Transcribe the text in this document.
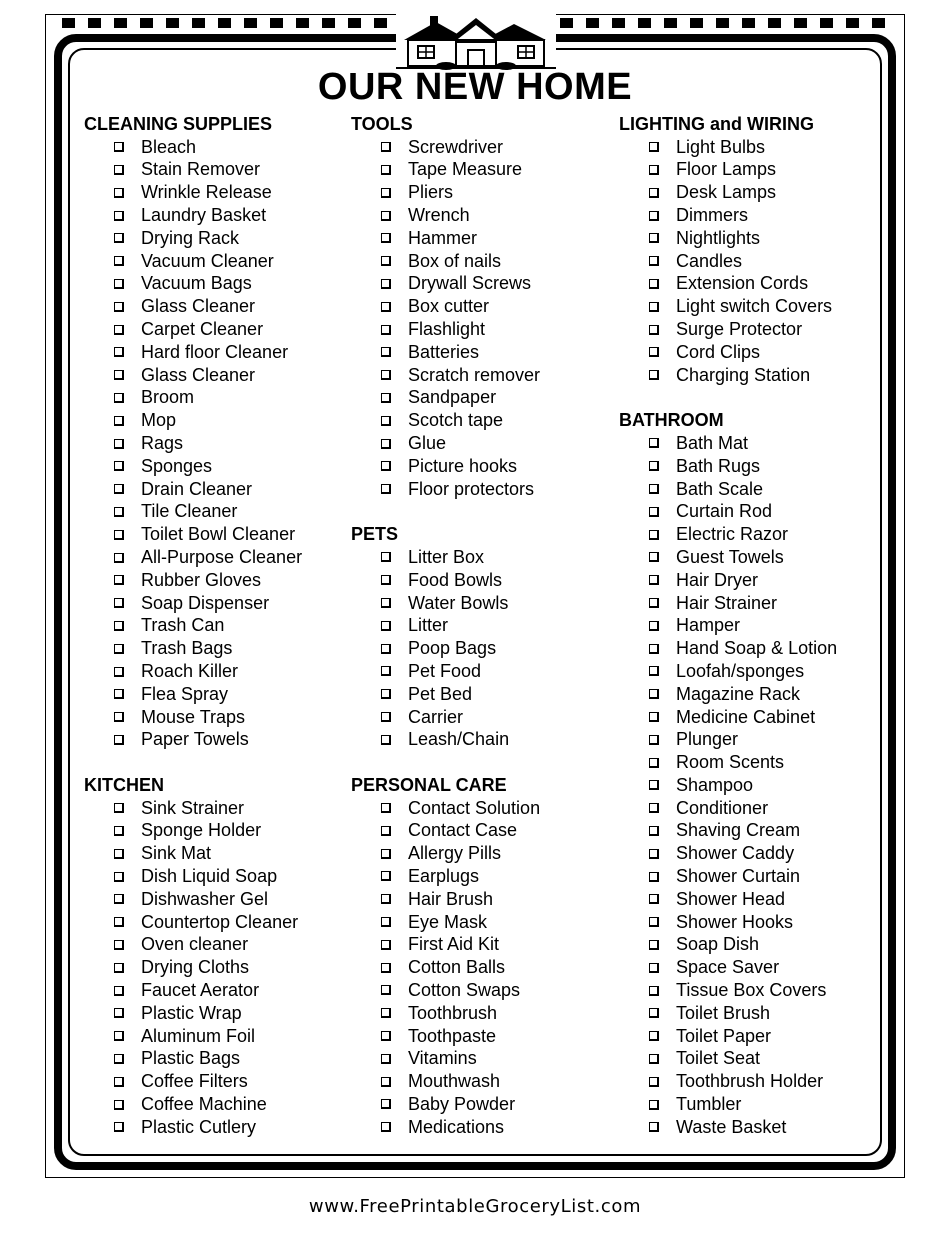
OUR NEW HOME
CLEANING SUPPLIES
Bleach
Stain Remover
Wrinkle Release
Laundry Basket
Drying Rack
Vacuum Cleaner
Vacuum Bags
Glass Cleaner
Carpet Cleaner
Hard floor Cleaner
Glass Cleaner
Broom
Mop
Rags
Sponges
Drain Cleaner
Tile Cleaner
Toilet Bowl Cleaner
All-Purpose Cleaner
Rubber Gloves
Soap Dispenser
Trash Can
Trash Bags
Roach Killer
Flea Spray
Mouse Traps
Paper Towels
KITCHEN
Sink Strainer
Sponge Holder
Sink Mat
Dish Liquid Soap
Dishwasher Gel
Countertop Cleaner
Oven cleaner
Drying Cloths
Faucet Aerator
Plastic Wrap
Aluminum Foil
Plastic Bags
Coffee Filters
Coffee Machine
Plastic Cutlery
TOOLS
Screwdriver
Tape Measure
Pliers
Wrench
Hammer
Box of nails
Drywall Screws
Box cutter
Flashlight
Batteries
Scratch remover
Sandpaper
Scotch tape
Glue
Picture hooks
Floor protectors
PETS
Litter Box
Food Bowls
Water Bowls
Litter
Poop Bags
Pet Food
Pet Bed
Carrier
Leash/Chain
PERSONAL CARE
Contact Solution
Contact Case
Allergy Pills
Earplugs
Hair Brush
Eye Mask
First Aid Kit
Cotton Balls
Cotton Swaps
Toothbrush
Toothpaste
Vitamins
Mouthwash
Baby Powder
Medications
LIGHTING and WIRING
Light Bulbs
Floor Lamps
Desk Lamps
Dimmers
Nightlights
Candles
Extension Cords
Light switch Covers
Surge Protector
Cord Clips
Charging Station
BATHROOM
Bath Mat
Bath Rugs
Bath Scale
Curtain Rod
Electric Razor
Guest Towels
Hair Dryer
Hair Strainer
Hamper
Hand Soap & Lotion
Loofah/sponges
Magazine Rack
Medicine Cabinet
Plunger
Room Scents
Shampoo
Conditioner
Shaving Cream
Shower Caddy
Shower Curtain
Shower Head
Shower Hooks
Soap Dish
Space Saver
Tissue Box Covers
Toilet Brush
Toilet Paper
Toilet Seat
Toothbrush Holder
Tumbler
Waste Basket
www.FreePrintableGroceryList.com
